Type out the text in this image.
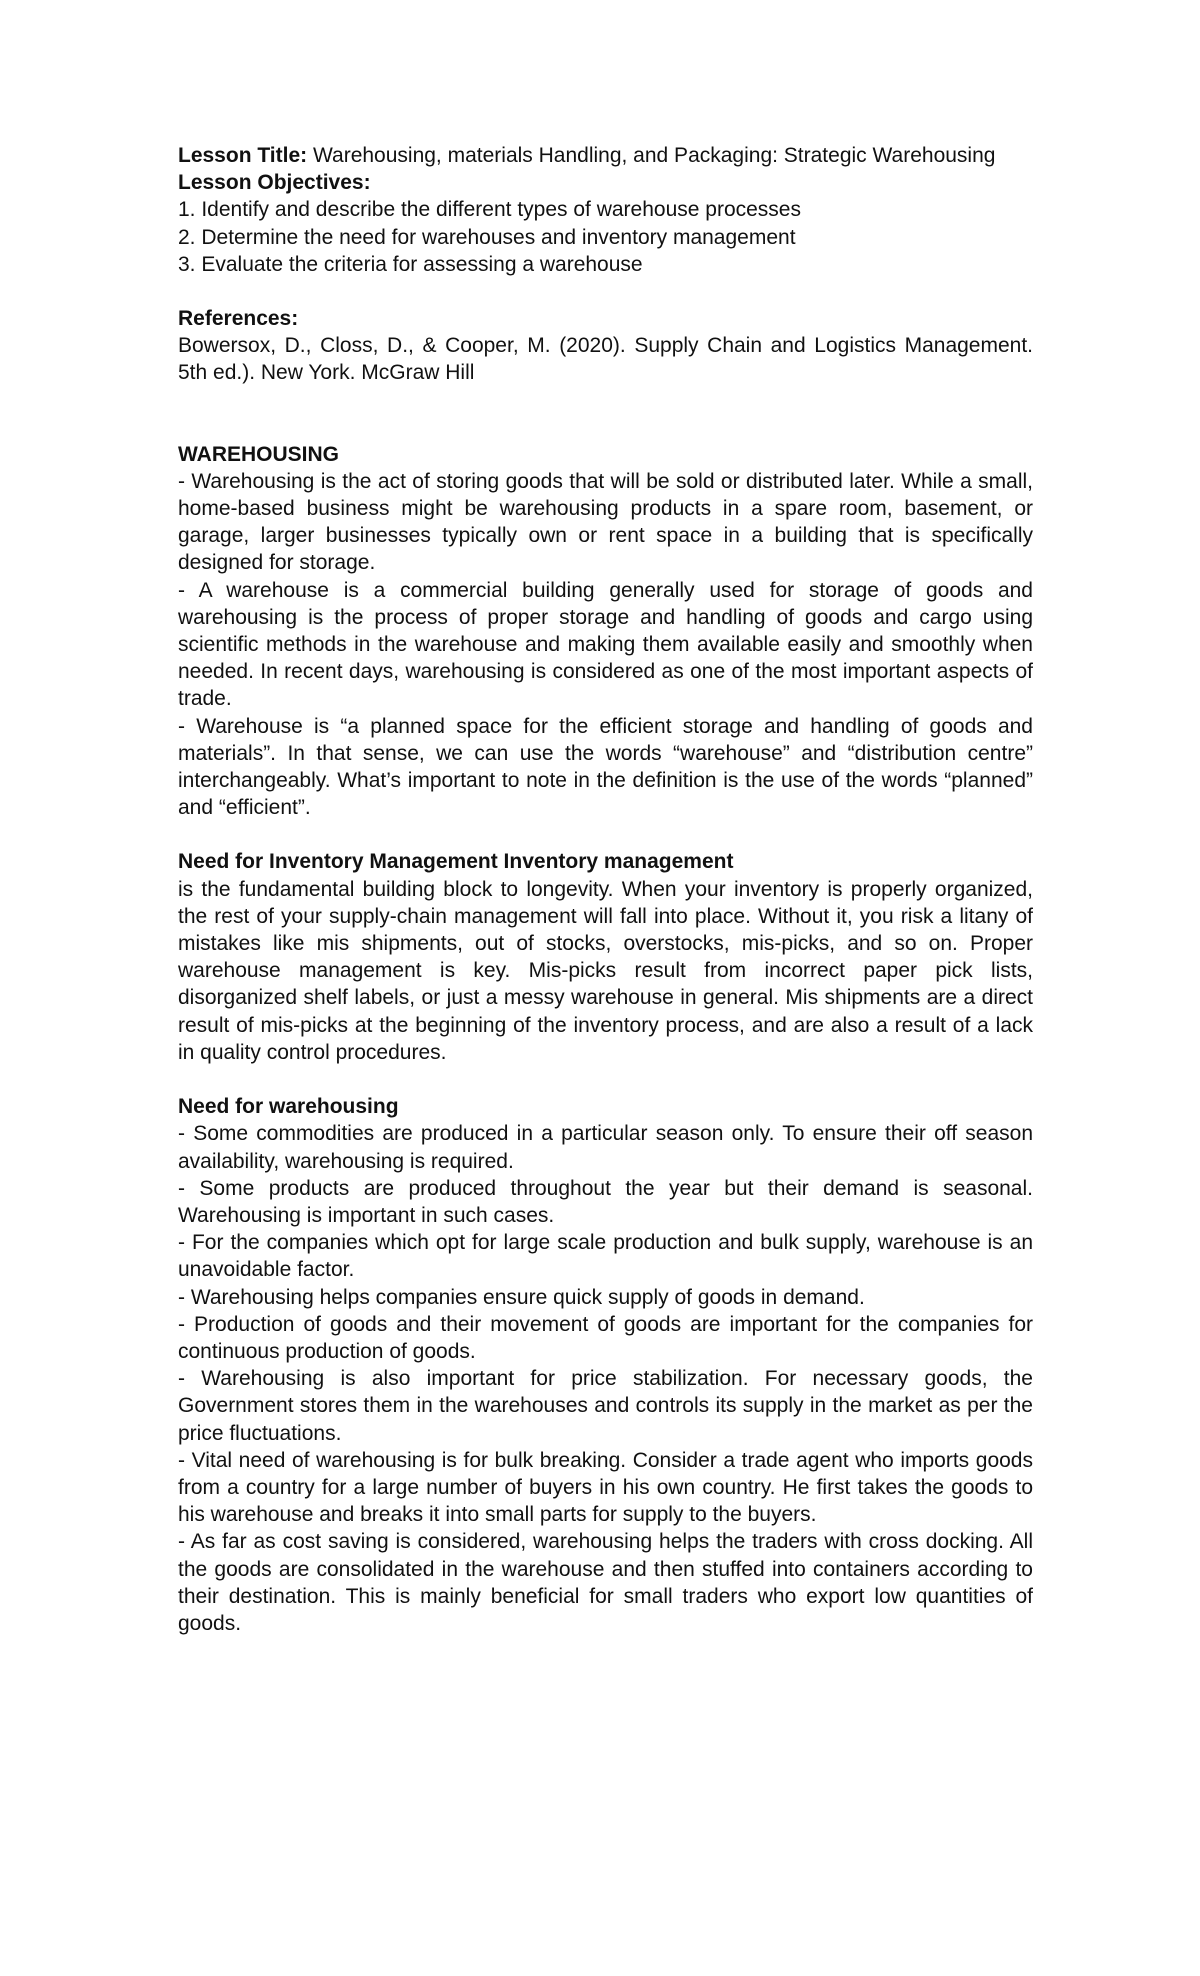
Lesson Title: Warehousing, materials Handling, and Packaging: Strategic Warehousing

Lesson Objectives:

1. Identify and describe the different types of warehouse processes

2. Determine the need for warehouses and inventory management

3. Evaluate the criteria for assessing a warehouse

References:

Bowersox, D., Closs, D., & Cooper, M. (2020). Supply Chain and Logistics Management. 5th ed.). New York. McGraw Hill

WAREHOUSING

- Warehousing is the act of storing goods that will be sold or distributed later. While a small, home-based business might be warehousing products in a spare room, basement, or garage, larger businesses typically own or rent space in a building that is specifically designed for storage.

- A warehouse is a commercial building generally used for storage of goods and warehousing is the process of proper storage and handling of goods and cargo using scientific methods in the warehouse and making them available easily and smoothly when needed. In recent days, warehousing is considered as one of the most important aspects of trade.

- Warehouse is “a planned space for the efficient storage and handling of goods and materials”. In that sense, we can use the words “warehouse” and “distribution centre” interchangeably. What’s important to note in the definition is the use of the words “planned” and “efficient”.

Need for Inventory Management Inventory management

is the fundamental building block to longevity. When your inventory is properly organized, the rest of your supply-chain management will fall into place. Without it, you risk a litany of mistakes like mis shipments, out of stocks, overstocks, mis-picks, and so on. Proper warehouse management is key. Mis-picks result from incorrect paper pick lists, disorganized shelf labels, or just a messy warehouse in general. Mis shipments are a direct result of mis-picks at the beginning of the inventory process, and are also a result of a lack in quality control procedures.

Need for warehousing

- Some commodities are produced in a particular season only. To ensure their off season availability, warehousing is required.

- Some products are produced throughout the year but their demand is seasonal. Warehousing is important in such cases.

- For the companies which opt for large scale production and bulk supply, warehouse is an unavoidable factor.

- Warehousing helps companies ensure quick supply of goods in demand.

- Production of goods and their movement of goods are important for the companies for continuous production of goods.

- Warehousing is also important for price stabilization. For necessary goods, the Government stores them in the warehouses and controls its supply in the market as per the price fluctuations.

- Vital need of warehousing is for bulk breaking. Consider a trade agent who imports goods from a country for a large number of buyers in his own country. He first takes the goods to his warehouse and breaks it into small parts for supply to the buyers.

- As far as cost saving is considered, warehousing helps the traders with cross docking. All the goods are consolidated in the warehouse and then stuffed into containers according to their destination. This is mainly beneficial for small traders who export low quantities of goods.
